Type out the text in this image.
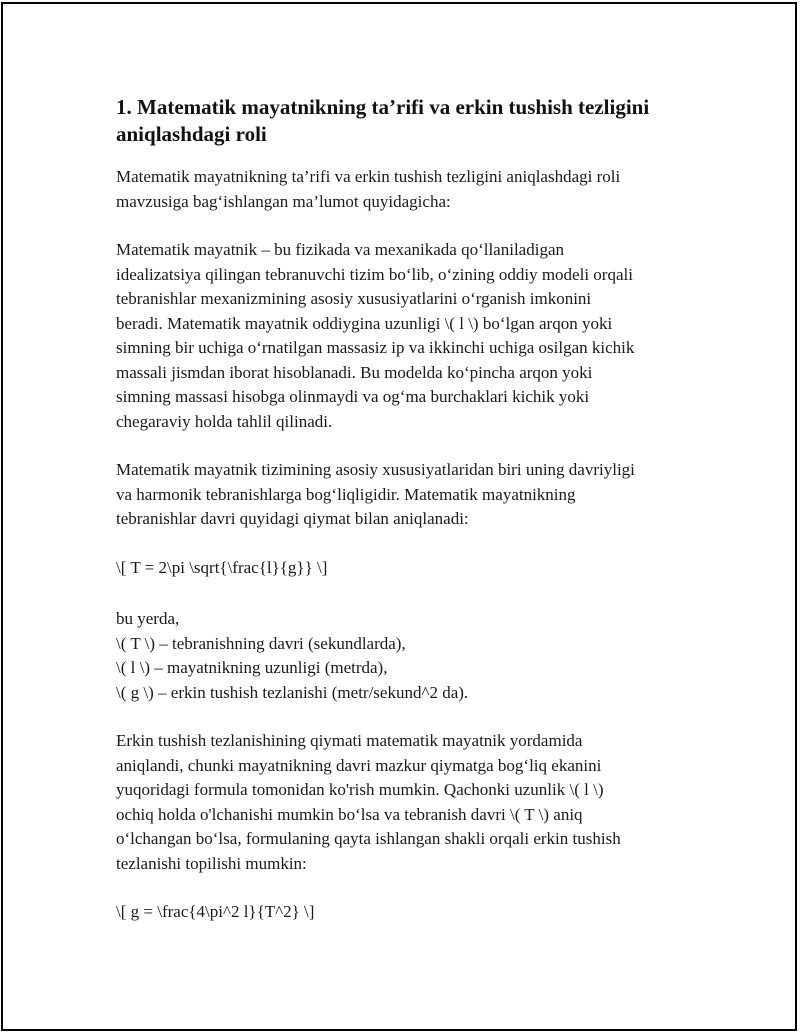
1. Matematik mayatnikning ta’rifi va erkin tushish tezligini aniqlashdagi roli

Matematik mayatnikning ta’rifi va erkin tushish tezligini aniqlashdagi roli
mavzusiga bag‘ishlangan ma’lumot quyidagicha:

Matematik mayatnik – bu fizikada va mexanikada qo‘llaniladigan
idealizatsiya qilingan tebranuvchi tizim bo‘lib, o‘zining oddiy modeli orqali
tebranishlar mexanizmining asosiy xususiyatlarini o‘rganish imkonini
beradi. Matematik mayatnik oddiygina uzunligi \( l \) bo‘lgan arqon yoki
simning bir uchiga o‘rnatilgan massasiz ip va ikkinchi uchiga osilgan kichik
massali jismdan iborat hisoblanadi. Bu modelda ko‘pincha arqon yoki
simning massasi hisobga olinmaydi va og‘ma burchaklari kichik yoki
chegaraviy holda tahlil qilinadi.

Matematik mayatnik tizimining asosiy xususiyatlaridan biri uning davriyligi
va harmonik tebranishlarga bog‘liqligidir. Matematik mayatnikning
tebranishlar davri quyidagi qiymat bilan aniqlanadi:

\[ T = 2\pi \sqrt{\frac{l}{g}} \]

bu yerda,
\( T \) – tebranishning davri (sekundlarda),
\( l \) – mayatnikning uzunligi (metrda),
\( g \) – erkin tushish tezlanishi (metr/sekund^2 da).

Erkin tushish tezlanishining qiymati matematik mayatnik yordamida
aniqlandi, chunki mayatnikning davri mazkur qiymatga bog‘liq ekanini
yuqoridagi formula tomonidan ko'rish mumkin. Qachonki uzunlik \( l \)
ochiq holda o'lchanishi mumkin bo‘lsa va tebranish davri \( T \) aniq
o‘lchangan bo‘lsa, formulaning qayta ishlangan shakli orqali erkin tushish
tezlanishi topilishi mumkin:

\[ g = \frac{4\pi^2 l}{T^2} \]
